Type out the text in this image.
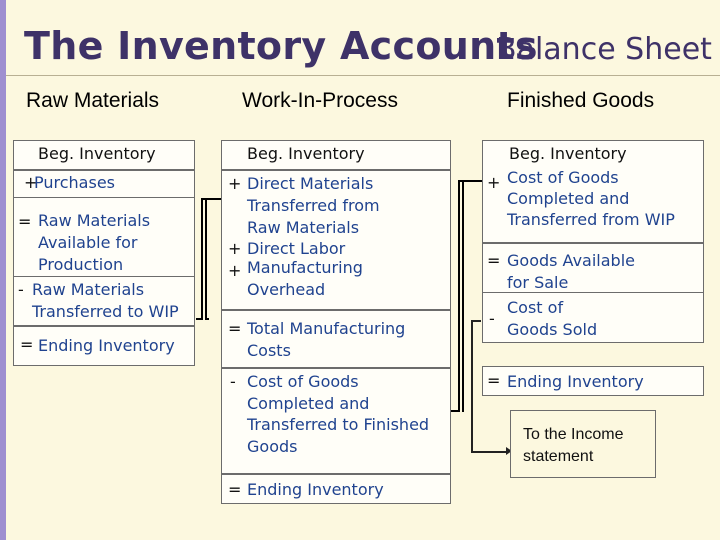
The Inventory Accounts
Balance Sheet
Raw Materials	Work-In-Process	Finished Goods
Beg. Inventory
+
Purchases
= Raw Materials
Available for
Production
- Raw Materials
Transferred to WIP
= Ending Inventory
Beg. Inventory
+ Direct Materials
Transferred from
Raw Materials
+ Direct Labor
+ Manufacturing
Overhead
= Total Manufacturing
Costs
- Cost of Goods
Completed and
Transferred to Finished
Goods
= Ending Inventory
Beg. Inventory
+ Cost of Goods
Completed and
Transferred from WIP
= Goods Available
for Sale
-
Cost of
Goods Sold
= Ending Inventory
To the Income
statement
